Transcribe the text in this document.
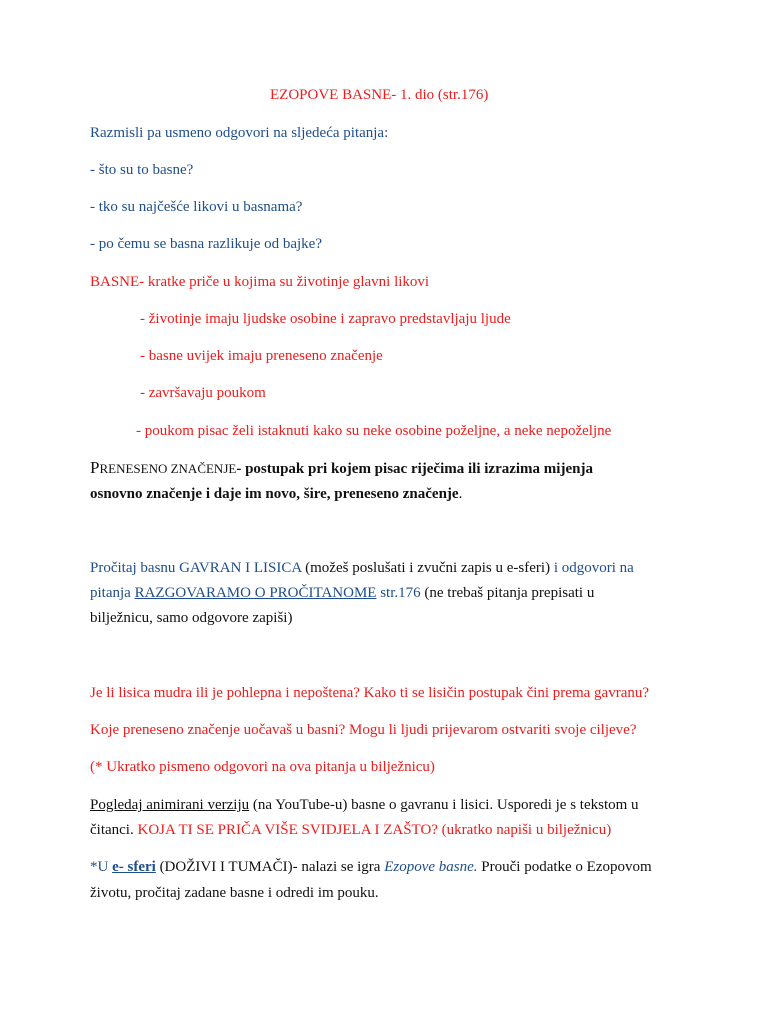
EZOPOVE BASNE- 1. dio (str.176)
Razmisli pa usmeno odgovori na sljedeća pitanja:
- što su to basne?
- tko su najčešće likovi u basnama?
- po čemu se basna razlikuje od bajke?
BASNE- kratke priče u kojima su životinje glavni likovi
- životinje imaju ljudske osobine i zapravo predstavljaju ljude
- basne uvijek imaju preneseno značenje
- završavaju poukom
- poukom pisac želi istaknuti kako su neke osobine poželjne, a neke nepoželjne
PRENESENO ZNAČENJE- postupak pri kojem pisac riječima ili izrazima mijenja
osnovno značenje i daje im novo, šire, preneseno značenje.
Pročitaj basnu GAVRAN I LISICA (možeš poslušati i zvučni zapis u e-sferi) i odgovori na
pitanja RAZGOVARAMO O PROČITANOME str.176 (ne trebaš pitanja prepisati u
bilježnicu, samo odgovore zapiši)
Je li lisica mudra ili je pohlepna i nepoštena? Kako ti se lisičin postupak čini prema gavranu?
Koje preneseno značenje uočavaš u basni? Mogu li ljudi prijevarom ostvariti svoje ciljeve?
(* Ukratko pismeno odgovori na ova pitanja u bilježnicu)
Pogledaj animirani verziju (na YouTube-u) basne o gavranu i lisici. Usporedi je s tekstom u
čitanci. KOJA TI SE PRIČA VIŠE SVIDJELA I ZAŠTO? (ukratko napiši u bilježnicu)
*U e- sferi (DOŽIVI I TUMAČI)- nalazi se igra Ezopove basne. Prouči podatke o Ezopovom
životu, pročitaj zadane basne i odredi im pouku.
